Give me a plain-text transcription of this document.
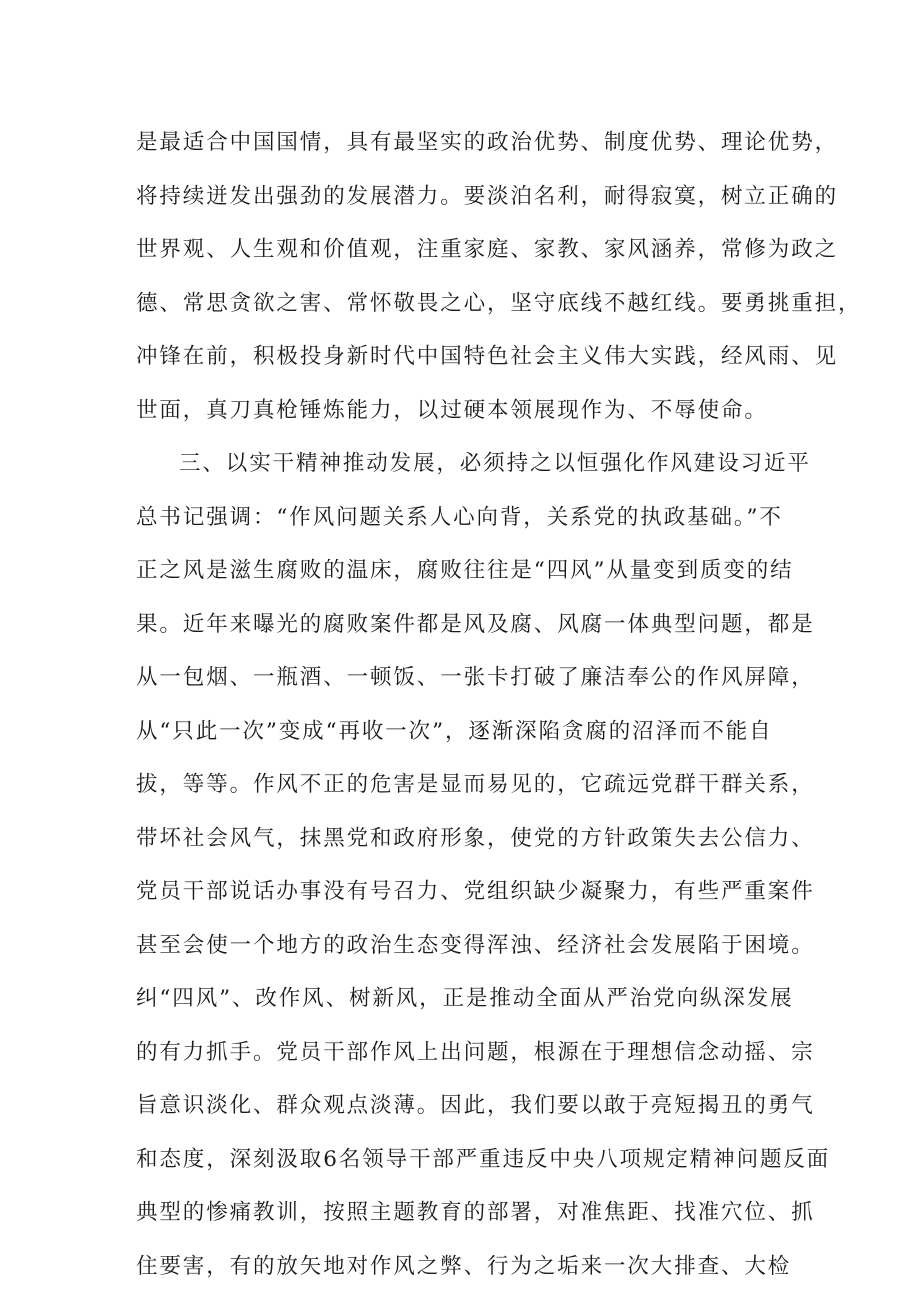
是最适合中国国情，具有最坚实的政治优势、制度优势、理论优势，
将持续迸发出强劲的发展潜力。要淡泊名利，耐得寂寞，树立正确的
世界观、人生观和价值观，注重家庭、家教、家风涵养，常修为政之
德、常思贪欲之害、常怀敬畏之心，坚守底线不越红线。要勇挑重担，
冲锋在前，积极投身新时代中国特色社会主义伟大实践，经风雨、见
世面，真刀真枪锤炼能力，以过硬本领展现作为、不辱使命。
三、以实干精神推动发展，必须持之以恒强化作风建设习近平
总书记强调：“作风问题关系人心向背，关系党的执政基础。”不
正之风是滋生腐败的温床，腐败往往是“四风”从量变到质变的结
果。近年来曝光的腐败案件都是风及腐、风腐一体典型问题，都是
从一包烟、一瓶酒、一顿饭、一张卡打破了廉洁奉公的作风屏障，
从“只此一次”变成“再收一次”，逐渐深陷贪腐的沼泽而不能自
拔，等等。作风不正的危害是显而易见的，它疏远党群干群关系，
带坏社会风气，抹黑党和政府形象，使党的方针政策失去公信力、
党员干部说话办事没有号召力、党组织缺少凝聚力，有些严重案件
甚至会使一个地方的政治生态变得浑浊、经济社会发展陷于困境。
纠“四风”、改作风、树新风，正是推动全面从严治党向纵深发展
的有力抓手。党员干部作风上出问题，根源在于理想信念动摇、宗
旨意识淡化、群众观点淡薄。因此，我们要以敢于亮短揭丑的勇气
和态度，深刻汲取6名领导干部严重违反中央八项规定精神问题反面
典型的惨痛教训，按照主题教育的部署，对准焦距、找准穴位、抓
住要害，有的放矢地对作风之弊、行为之垢来一次大排查、大检
